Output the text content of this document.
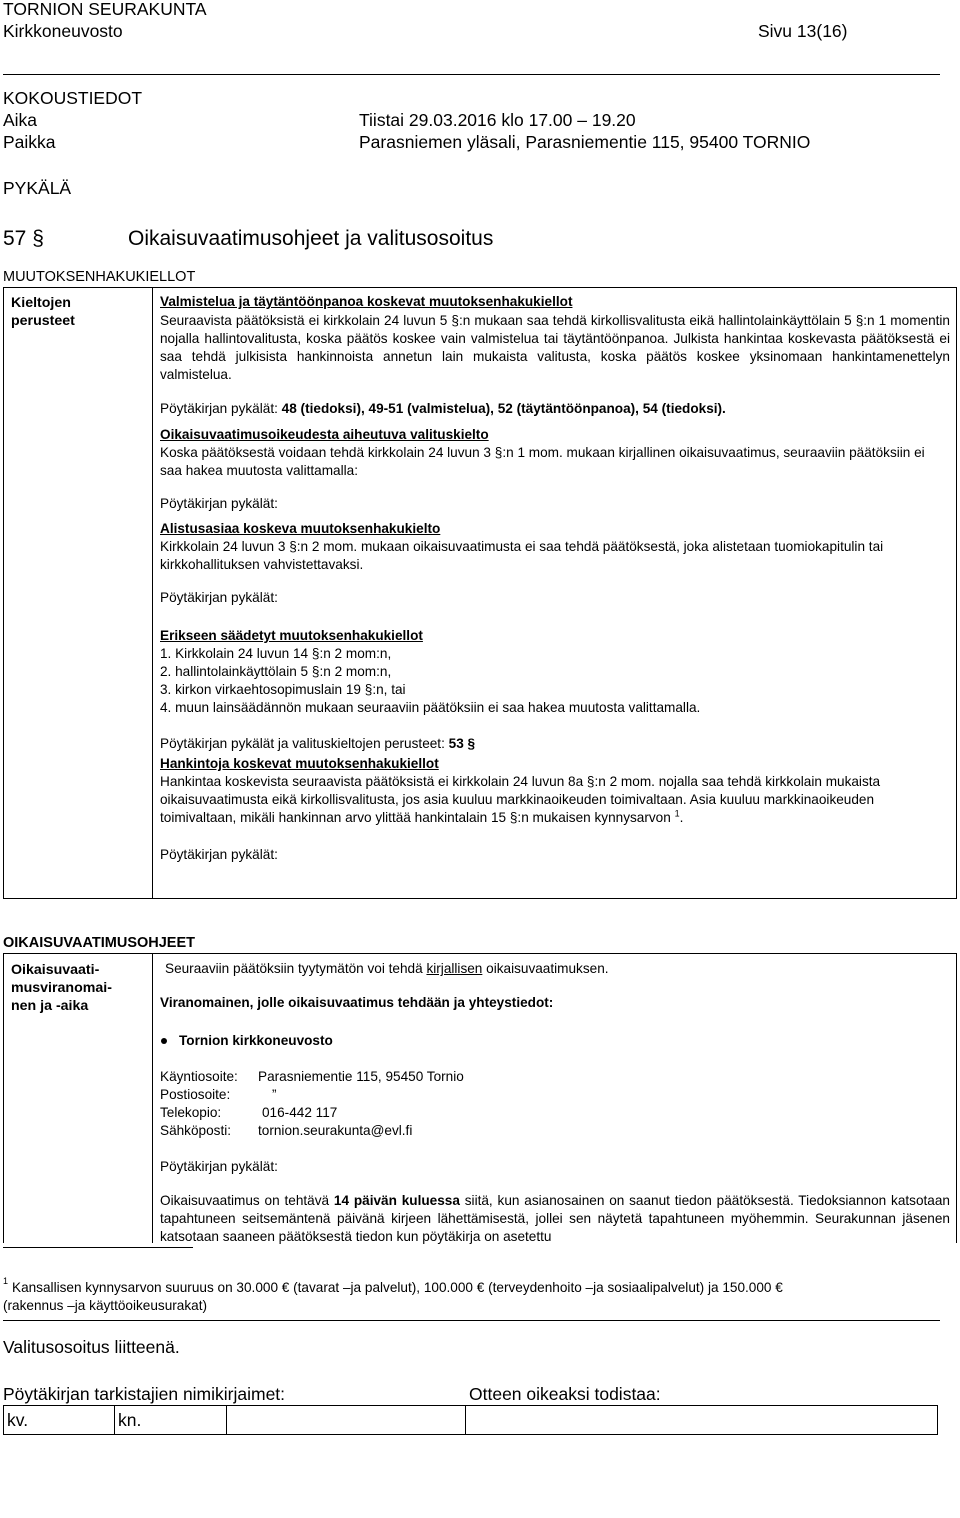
TORNION SEURAKUNTA
Kirkkoneuvosto	Sivu 13(16)
KOKOUSTIEDOT
Aika	Tiistai 29.03.2016 klo 17.00 – 19.20
Paikka	Parasniemen yläsali, Parasniementie 115, 95400 TORNIO
PYKÄLÄ
57 §	Oikaisuvaatimusohjeet ja valitusosoitus
MUUTOKSENHAKUKIELLOT
Kieltojen
perusteet
Valmistelua ja täytäntöönpanoa koskevat muutoksenhakukiellot
Seuraavista päätöksistä ei kirkkolain 24 luvun 5 §:n mukaan saa tehdä kirkollisvalitusta eikä hallintolainkäyttölain 5 §:n 1 momentin nojalla hallintovalitusta, koska päätös koskee vain valmistelua tai täytäntöönpanoa. Julkista hankintaa koskevasta päätöksestä ei saa tehdä julkisista hankinnoista annetun lain mukaista valitusta, koska päätös koskee yksinomaan hankintamenettelyn valmistelua.
Pöytäkirjan pykälät: 48 (tiedoksi), 49-51 (valmistelua), 52 (täytäntöönpanoa), 54 (tiedoksi).
Oikaisuvaatimusoikeudesta aiheutuva valituskielto
Koska päätöksestä voidaan tehdä kirkkolain 24 luvun 3 §:n 1 mom. mukaan kirjallinen oikaisuvaatimus, seuraaviin päätöksiin ei saa hakea muutosta valittamalla:
Pöytäkirjan pykälät:
Alistusasiaa koskeva muutoksenhakukielto
Kirkkolain 24 luvun 3 §:n 2 mom. mukaan oikaisuvaatimusta ei saa tehdä päätöksestä, joka alistetaan tuomiokapitulin tai kirkkohallituksen vahvistettavaksi.
Pöytäkirjan pykälät:
Erikseen säädetyt muutoksenhakukiellot
1. Kirkkolain 24 luvun 14 §:n 2 mom:n,
2. hallintolainkäyttölain 5 §:n 2 mom:n,
3. kirkon virkaehtosopimuslain 19 §:n, tai
4. muun lainsäädännön mukaan seuraaviin päätöksiin ei saa hakea muutosta valittamalla.
Pöytäkirjan pykälät ja valituskieltojen perusteet: 53 §
Hankintoja koskevat muutoksenhakukiellot
Hankintaa koskevista seuraavista päätöksistä ei kirkkolain 24 luvun 8a §:n 2 mom. nojalla saa tehdä kirkkolain mukaista oikaisuvaatimusta eikä kirkollisvalitusta, jos asia kuuluu markkinaoikeuden toimivaltaan. Asia kuuluu markkinaoikeuden toimivaltaan, mikäli hankinnan arvo ylittää hankintalain 15 §:n mukaisen kynnysarvon $^1$.
Pöytäkirjan pykälät:
OIKAISUVAATIMUSOHJEET
Oikaisuvaati-
musviranomai-
nen ja -aika
Seuraaviin päätöksiin tyytymätön voi tehdä kirjallisen oikaisuvaatimuksen.
Viranomainen, jolle oikaisuvaatimus tehdään ja yhteystiedot:
Tornion kirkkoneuvosto
Käyntiosoite: Parasniementie 115, 95450 Tornio
Postiosoite:	”
Telekopio:	016-442 117
Sähköposti: tornion.seurakunta@evl.fi
Pöytäkirjan pykälät:
Oikaisuvaatimus on tehtävä 14 päivän kuluessa siitä, kun asianosainen on saanut tiedon päätöksestä. Tiedoksiannon katsotaan tapahtuneen seitsemäntenä päivänä kirjeen lähettämisestä, jollei sen näytetä tapahtuneen myöhemmin. Seurakunnan jäsenen katsotaan saaneen päätöksestä tiedon kun pöytäkirja on asetettu
1 Kansallisen kynnysarvon suuruus on 30.000 € (tavarat –ja palvelut), 100.000 € (terveydenhoito –ja sosiaalipalvelut) ja 150.000 €
(rakennus –ja käyttöoikeusurakat)
Valitusosoitus liitteenä.
Pöytäkirjan tarkistajien nimikirjaimet:	Otteen oikeaksi todistaa:
kv.	kn.
